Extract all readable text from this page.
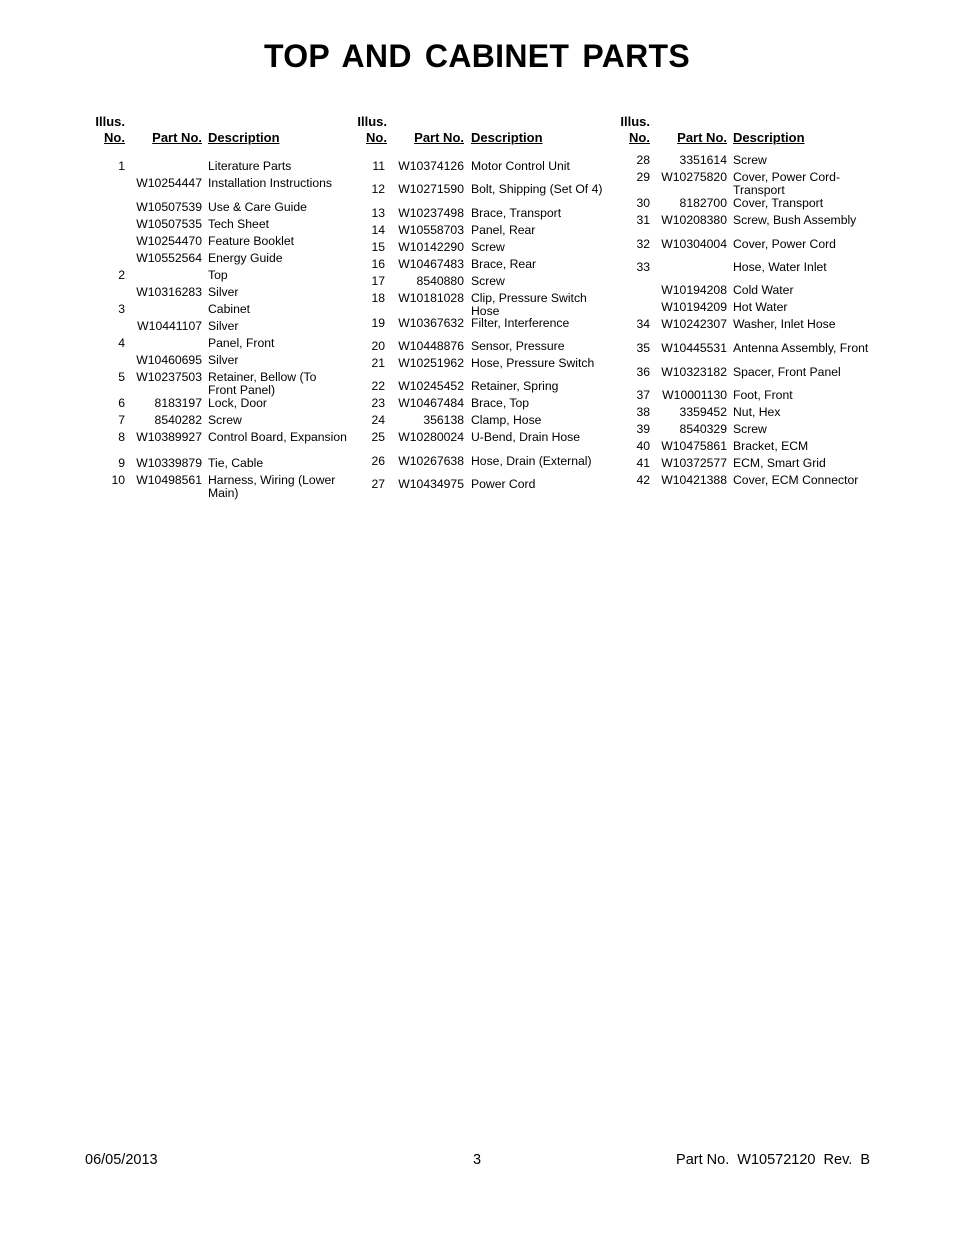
TOP AND CABINET PARTS
Illus.
No. Part No. Description
1	Literature Parts
W10254447 Installation Instructions
W10507539 Use & Care Guide
W10507535 Tech Sheet
W10254470 Feature Booklet
W10552564 Energy Guide
2	Top
W10316283 Silver
3	Cabinet
W10441107 Silver
4	Panel, Front
W10460695 Silver
5 W10237503 Retainer, Bellow (To Front Panel)
6 8183197 Lock, Door
7 8540282 Screw
8 W10389927 Control Board, Expansion
9 W10339879 Tie, Cable
10 W10498561 Harness, Wiring (Lower Main)
Illus.
No. Part No. Description
11 W10374126 Motor Control Unit
12 W10271590 Bolt, Shipping (Set Of 4)
13 W10237498 Brace, Transport
14 W10558703 Panel, Rear
15 W10142290 Screw
16 W10467483 Brace, Rear
17	8540880 Screw
18 W10181028 Clip, Pressure Switch Hose
19 W10367632 Filter, Interference
20 W10448876 Sensor, Pressure
21 W10251962 Hose, Pressure Switch
22 W10245452 Retainer, Spring
23 W10467484 Brace, Top
24	356138 Clamp, Hose
25 W10280024 U-Bend, Drain Hose
26 W10267638 Hose, Drain (External)
27 W10434975 Power Cord
Illus.
No. Part No. Description
28 3351614 Screw
29 W10275820 Cover, Power Cord-Transport
30 8182700 Cover, Transport
31 W10208380 Screw, Bush Assembly
32 W10304004 Cover, Power Cord
33	Hose, Water Inlet
W10194208 Cold Water
W10194209 Hot Water
34 W10242307 Washer, Inlet Hose
35 W10445531 Antenna Assembly, Front
36 W10323182 Spacer, Front Panel
37 W10001130 Foot, Front
38 3359452 Nut, Hex
39 8540329 Screw
40 W10475861 Bracket, ECM
41 W10372577 ECM, Smart Grid
42 W10421388 Cover, ECM Connector
06/05/2013	3	Part No.  W10572120  Rev.  B
